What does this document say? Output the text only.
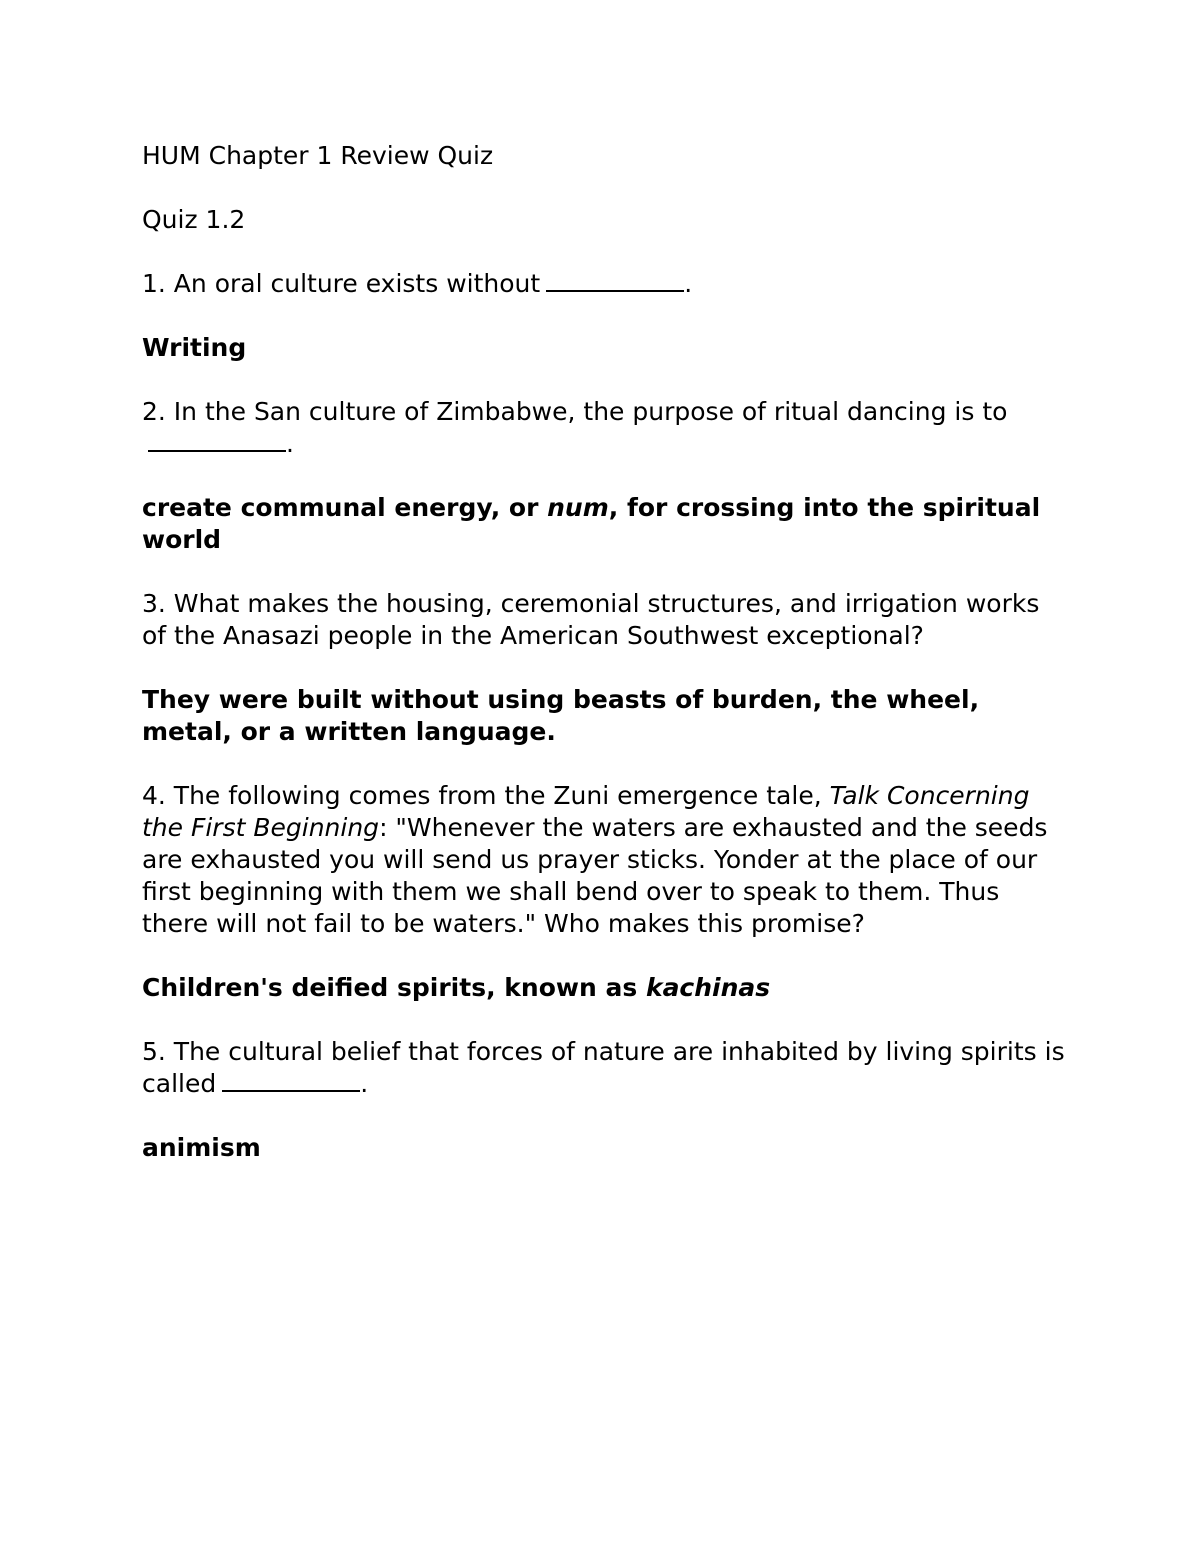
HUM Chapter 1 Review Quiz
Quiz 1.2
1. An oral culture exists without	.
Writing
2. In the San culture of Zimbabwe, the purpose of ritual dancing is to.
create communal energy, or num, for crossing into the spiritual world
3. What makes the housing, ceremonial structures, and irrigation works of the Anasazi people in the American Southwest exceptional?
They were built without using beasts of burden, the wheel, metal, or a written language.
4. The following comes from the Zuni emergence tale, Talk Concerning the First Beginning: "Whenever the waters are exhausted and the seeds are exhausted you will send us prayer sticks. Yonder at the place of our first beginning with them we shall bend over to speak to them. Thus there will not fail to be waters." Who makes this promise?
Children's deified spirits, known as kachinas
5. The cultural belief that forces of nature are inhabited by living spirits is called	.
animism
